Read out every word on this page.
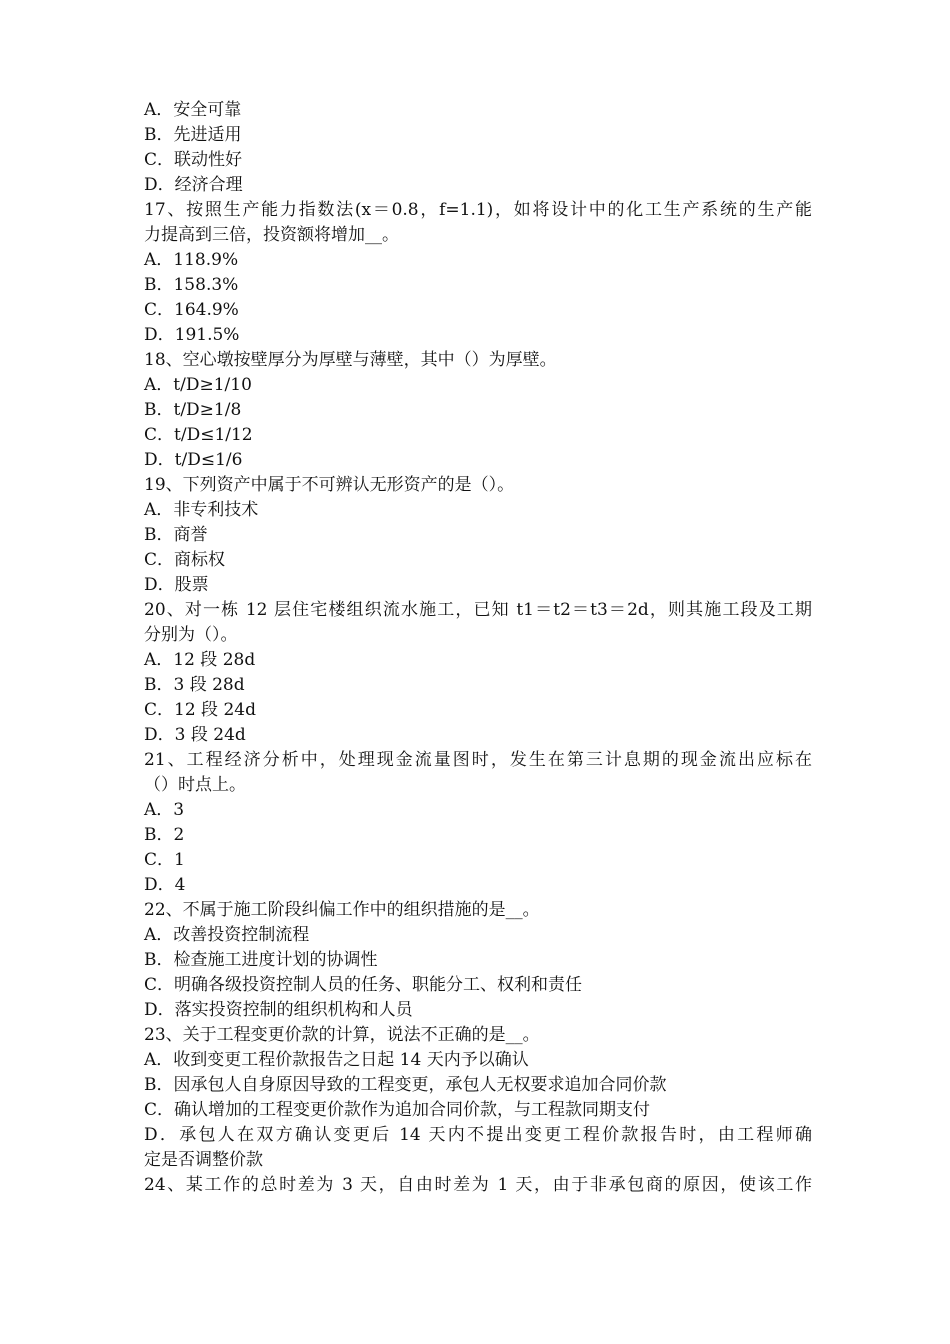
A．安全可靠
B．先进适用
C．联动性好
D．经济合理
17、按照生产能力指数法(x＝0.8，f=1.1)，如将设计中的化工生产系统的生产能
力提高到三倍，投资额将增加__。
A．118.9%
B．158.3%
C．164.9%
D．191.5%
18、空心墩按壁厚分为厚壁与薄壁，其中（）为厚壁。
A．t/D≥1/10
B．t/D≥1/8
C．t/D≤1/12
D．t/D≤1/6
19、下列资产中属于不可辨认无形资产的是（）。
A．非专利技术
B．商誉
C．商标权
D．股票
20、对一栋 12 层住宅楼组织流水施工，已知 t1＝t2＝t3＝2d，则其施工段及工期
分别为（）。
A．12 段 28d
B．3 段 28d
C．12 段 24d
D．3 段 24d
21、工程经济分析中，处理现金流量图时，发生在第三计息期的现金流出应标在
（）时点上。
A．3
B．2
C．1
D．4
22、不属于施工阶段纠偏工作中的组织措施的是__。
A．改善投资控制流程
B．检查施工进度计划的协调性
C．明确各级投资控制人员的任务、职能分工、权利和责任
D．落实投资控制的组织机构和人员
23、关于工程变更价款的计算，说法不正确的是__。
A．收到变更工程价款报告之日起 14 天内予以确认
B．因承包人自身原因导致的工程变更，承包人无权要求追加合同价款
C．确认增加的工程变更价款作为追加合同价款，与工程款同期支付
D．承包人在双方确认变更后 14 天内不提出变更工程价款报告时，由工程师确
定是否调整价款
24、某工作的总时差为 3 天，自由时差为 1 天，由于非承包商的原因，使该工作
